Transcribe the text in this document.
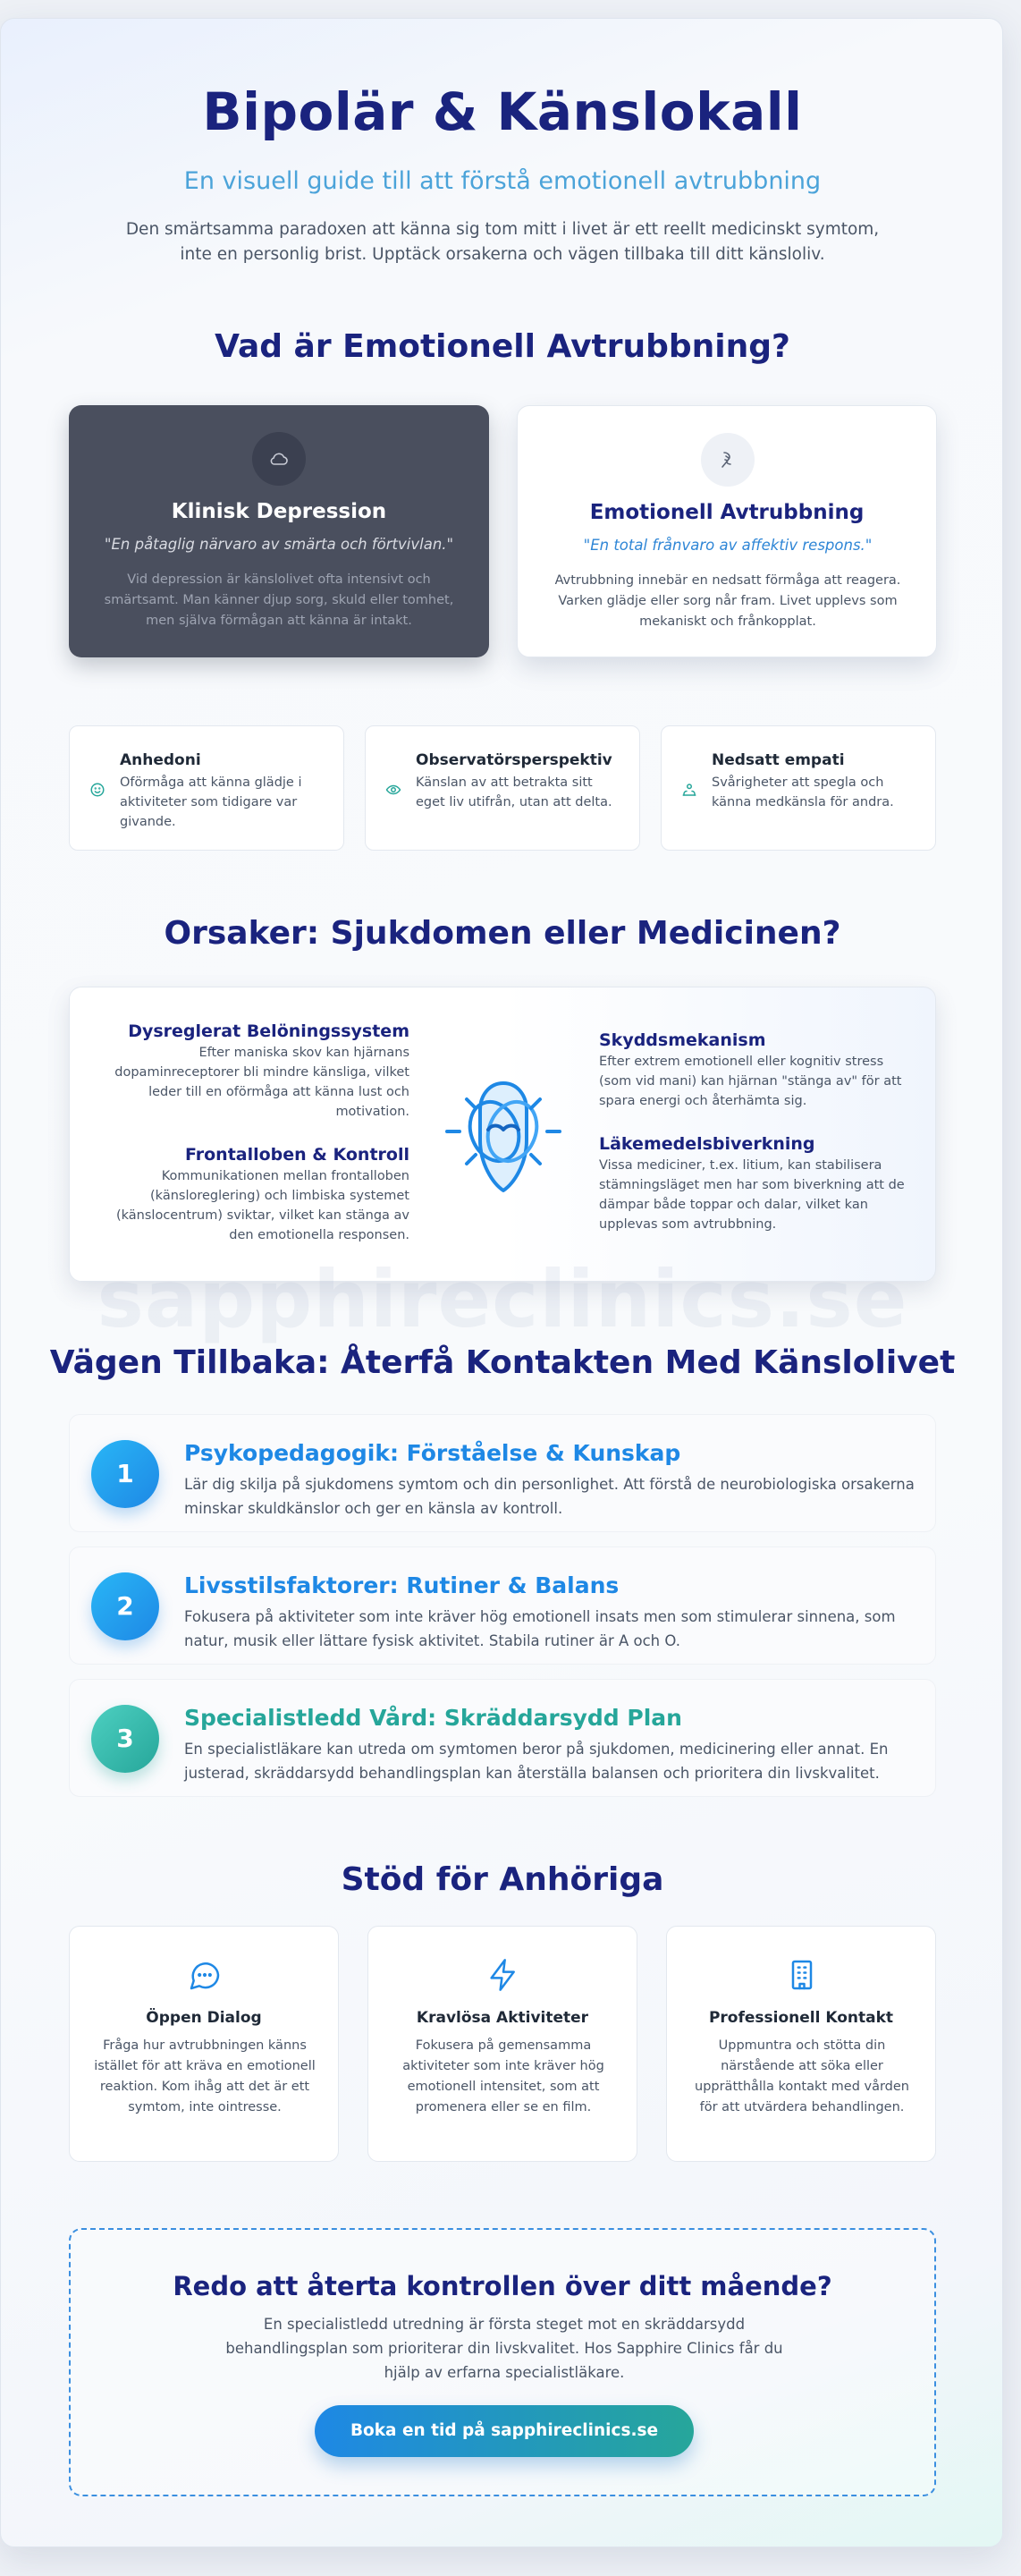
Bipolär & Känslokall
En visuell guide till att förstå emotionell avtrubbning

Den smärtsamma paradoxen att känna sig tom mitt i livet är ett reellt medicinskt symtom, inte en personlig brist. Upptäck orsakerna och vägen tillbaka till ditt känsloliv.

Vad är Emotionell Avtrubbning?
Klinisk Depression
"En påtaglig närvaro av smärta och förtvivlan."

Vid depression är känslolivet ofta intensivt och smärtsamt. Man känner djup sorg, skuld eller tomhet, men själva förmågan att känna är intakt.

Emotionell Avtrubbning
"En total frånvaro av affektiv respons."

Avtrubbning innebär en nedsatt förmåga att reagera. Varken glädje eller sorg når fram. Livet upplevs som mekaniskt och frånkopplat.

Anhedoni

Oförmåga att känna glädje i aktiviteter som tidigare var givande.

Observatörsperspektiv

Känslan av att betrakta sitt eget liv utifrån, utan att delta.

Nedsatt empati

Svårigheter att spegla och känna medkänsla för andra.

Orsaker: Sjukdomen eller Medicinen?
Dysreglerat Belöningssystem

Efter maniska skov kan hjärnans dopaminreceptorer bli mindre känsliga, vilket leder till en oförmåga att känna lust och motivation.

Frontalloben & Kontroll

Kommunikationen mellan frontalloben (känsloreglering) och limbiska systemet (känslocentrum) sviktar, vilket kan stänga av den emotionella responsen.

Skyddsmekanism

Efter extrem emotionell eller kognitiv stress (som vid mani) kan hjärnan "stänga av" för att spara energi och återhämta sig.

Läkemedelsbiverkning

Vissa mediciner, t.ex. litium, kan stabilisera stämningsläget men har som biverkning att de dämpar både toppar och dalar, vilket kan upplevas som avtrubbning.

sapphireclinics.se
Vägen Tillbaka: Återfå Kontakten Med Känslolivet
1
Psykopedagogik: Förståelse & Kunskap

Lär dig skilja på sjukdomens symtom och din personlighet. Att förstå de neurobiologiska orsakerna minskar skuldkänslor och ger en känsla av kontroll.

2
Livsstilsfaktorer: Rutiner & Balans

Fokusera på aktiviteter som inte kräver hög emotionell insats men som stimulerar sinnena, som natur, musik eller lättare fysisk aktivitet. Stabila rutiner är A och O.

3
Specialistledd Vård: Skräddarsydd Plan

En specialistläkare kan utreda om symtomen beror på sjukdomen, medicinering eller annat. En justerad, skräddarsydd behandlingsplan kan återställa balansen och prioritera din livskvalitet.

Stöd för Anhöriga
Öppen Dialog

Fråga hur avtrubbningen känns istället för att kräva en emotionell reaktion. Kom ihåg att det är ett symtom, inte ointresse.

Kravlösa Aktiviteter

Fokusera på gemensamma aktiviteter som inte kräver hög emotionell intensitet, som att promenera eller se en film.

Professionell Kontakt

Uppmuntra och stötta din närstående att söka eller upprätthålla kontakt med vården för att utvärdera behandlingen.

Redo att återta kontrollen över ditt mående?

En specialistledd utredning är första steget mot en skräddarsydd behandlingsplan som prioriterar din livskvalitet. Hos Sapphire Clinics får du hjälp av erfarna specialistläkare.

Boka en tid på sapphireclinics.se
